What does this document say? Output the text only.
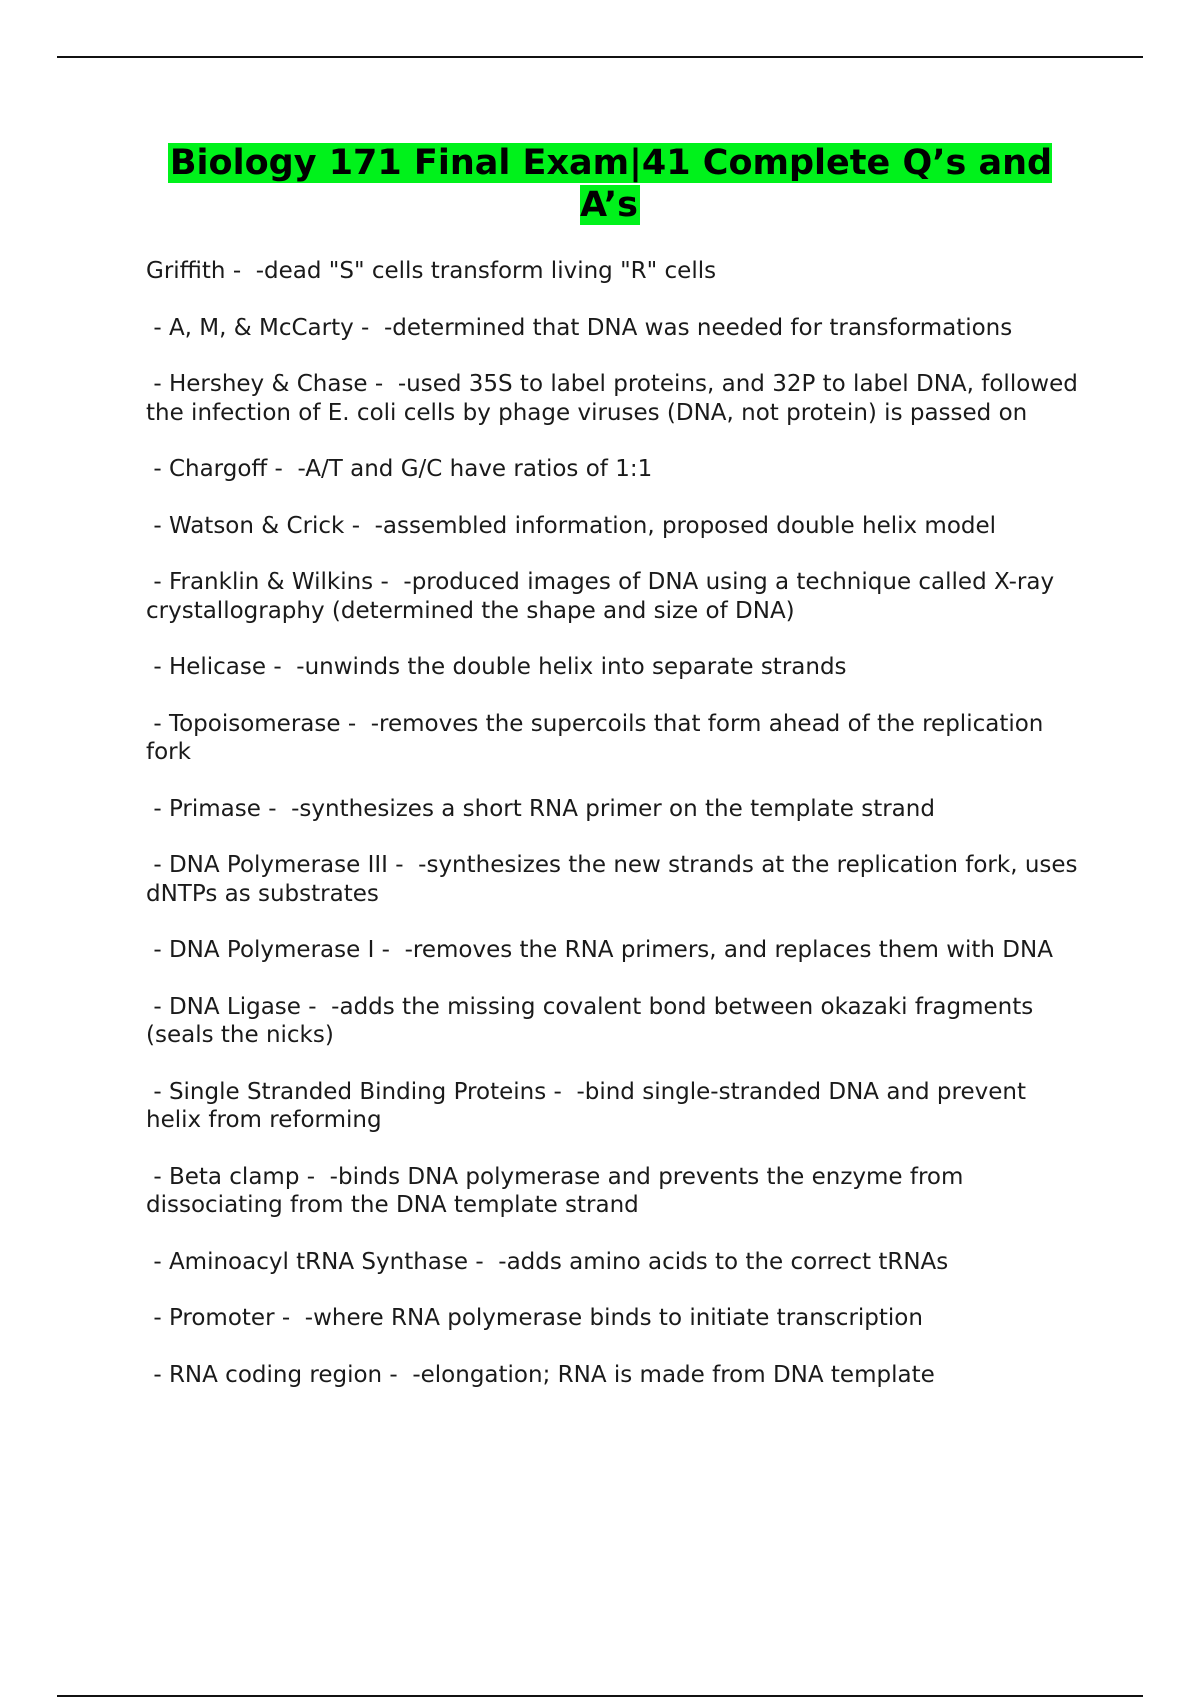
Biology 171 Final Exam|41 Complete Q’s and A’s
Griffith -  -dead "S" cells transform living "R" cells
- A, M, & McCarty -  -determined that DNA was needed for transformations
- Hershey & Chase -  -used 35S to label proteins, and 32P to label DNA, followed the infection of E. coli cells by phage viruses (DNA, not protein) is passed on
- Chargoff -  -A/T and G/C have ratios of 1:1
- Watson & Crick -  -assembled information, proposed double helix model
- Franklin & Wilkins -  -produced images of DNA using a technique called X-ray crystallography (determined the shape and size of DNA)
- Helicase -  -unwinds the double helix into separate strands
- Topoisomerase -  -removes the supercoils that form ahead of the replication fork
- Primase -  -synthesizes a short RNA primer on the template strand
- DNA Polymerase III -  -synthesizes the new strands at the replication fork, uses dNTPs as substrates
- DNA Polymerase I -  -removes the RNA primers, and replaces them with DNA
- DNA Ligase -  -adds the missing covalent bond between okazaki fragments (seals the nicks)
- Single Stranded Binding Proteins -  -bind single-stranded DNA and prevent helix from reforming
- Beta clamp -  -binds DNA polymerase and prevents the enzyme from dissociating from the DNA template strand
- Aminoacyl tRNA Synthase -  -adds amino acids to the correct tRNAs
- Promoter -  -where RNA polymerase binds to initiate transcription
- RNA coding region -  -elongation; RNA is made from DNA template
